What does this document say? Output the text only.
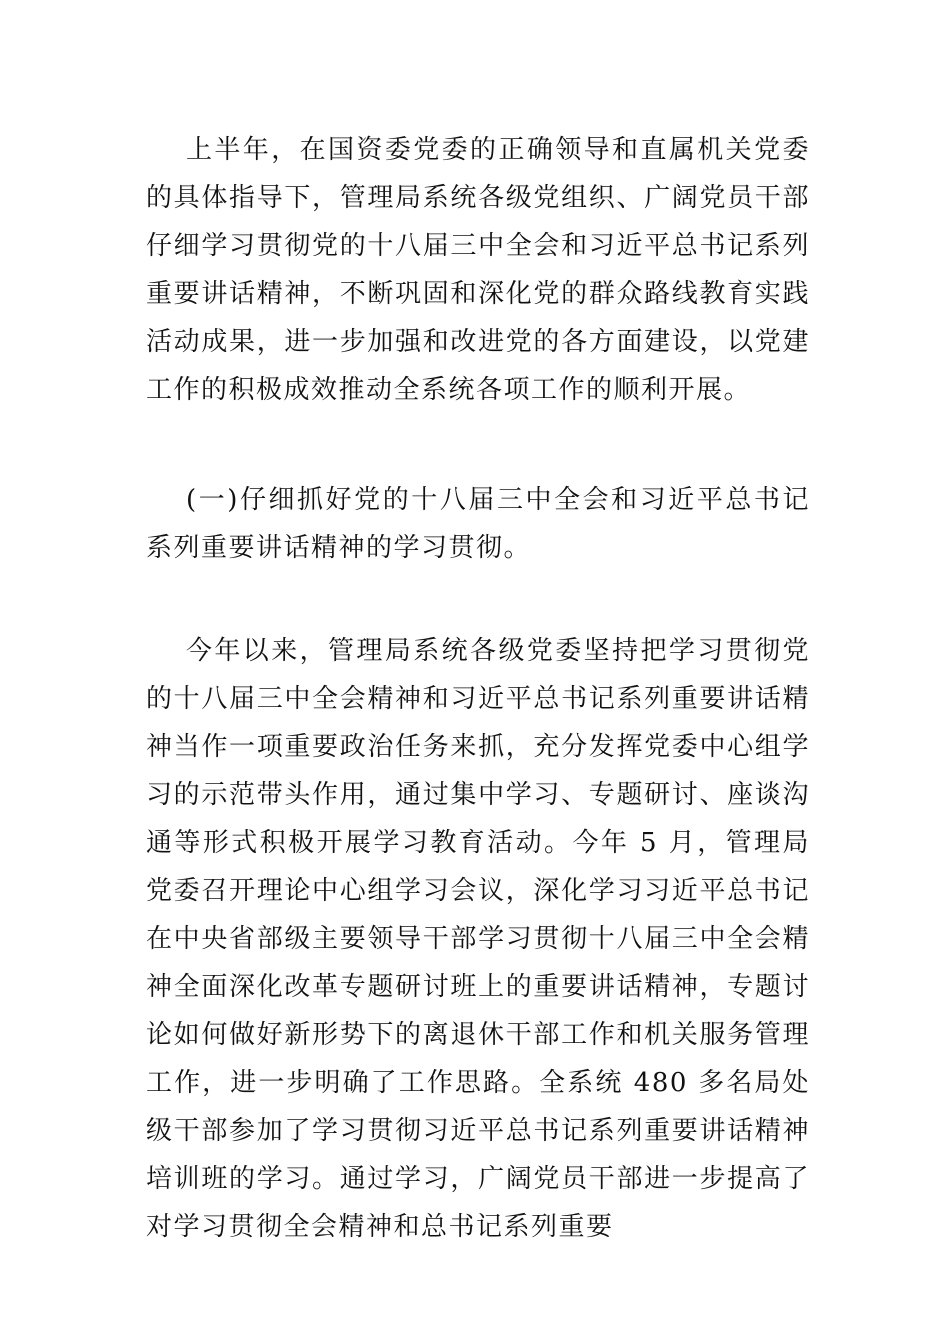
上半年，在国资委党委的正确领导和直属机关党委的具体指导下，管理局系统各级党组织、广阔党员干部仔细学习贯彻党的十八届三中全会和习近平总书记系列重要讲话精神，不断巩固和深化党的群众路线教育实践活动成果，进一步加强和改进党的各方面建设，以党建工作的积极成效推动全系统各项工作的顺利开展。

(一)仔细抓好党的十八届三中全会和习近平总书记系列重要讲话精神的学习贯彻。

今年以来，管理局系统各级党委坚持把学习贯彻党的十八届三中全会精神和习近平总书记系列重要讲话精神当作一项重要政治任务来抓，充分发挥党委中心组学习的示范带头作用，通过集中学习、专题研讨、座谈沟通等形式积极开展学习教育活动。今年 5 月，管理局党委召开理论中心组学习会议，深化学习习近平总书记在中央省部级主要领导干部学习贯彻十八届三中全会精神全面深化改革专题研讨班上的重要讲话精神，专题讨论如何做好新形势下的离退休干部工作和机关服务管理工作，进一步明确了工作思路。全系统 480 多名局处级干部参加了学习贯彻习近平总书记系列重要讲话精神培训班的学习。通过学习，广阔党员干部进一步提高了对学习贯彻全会精神和总书记系列重要
